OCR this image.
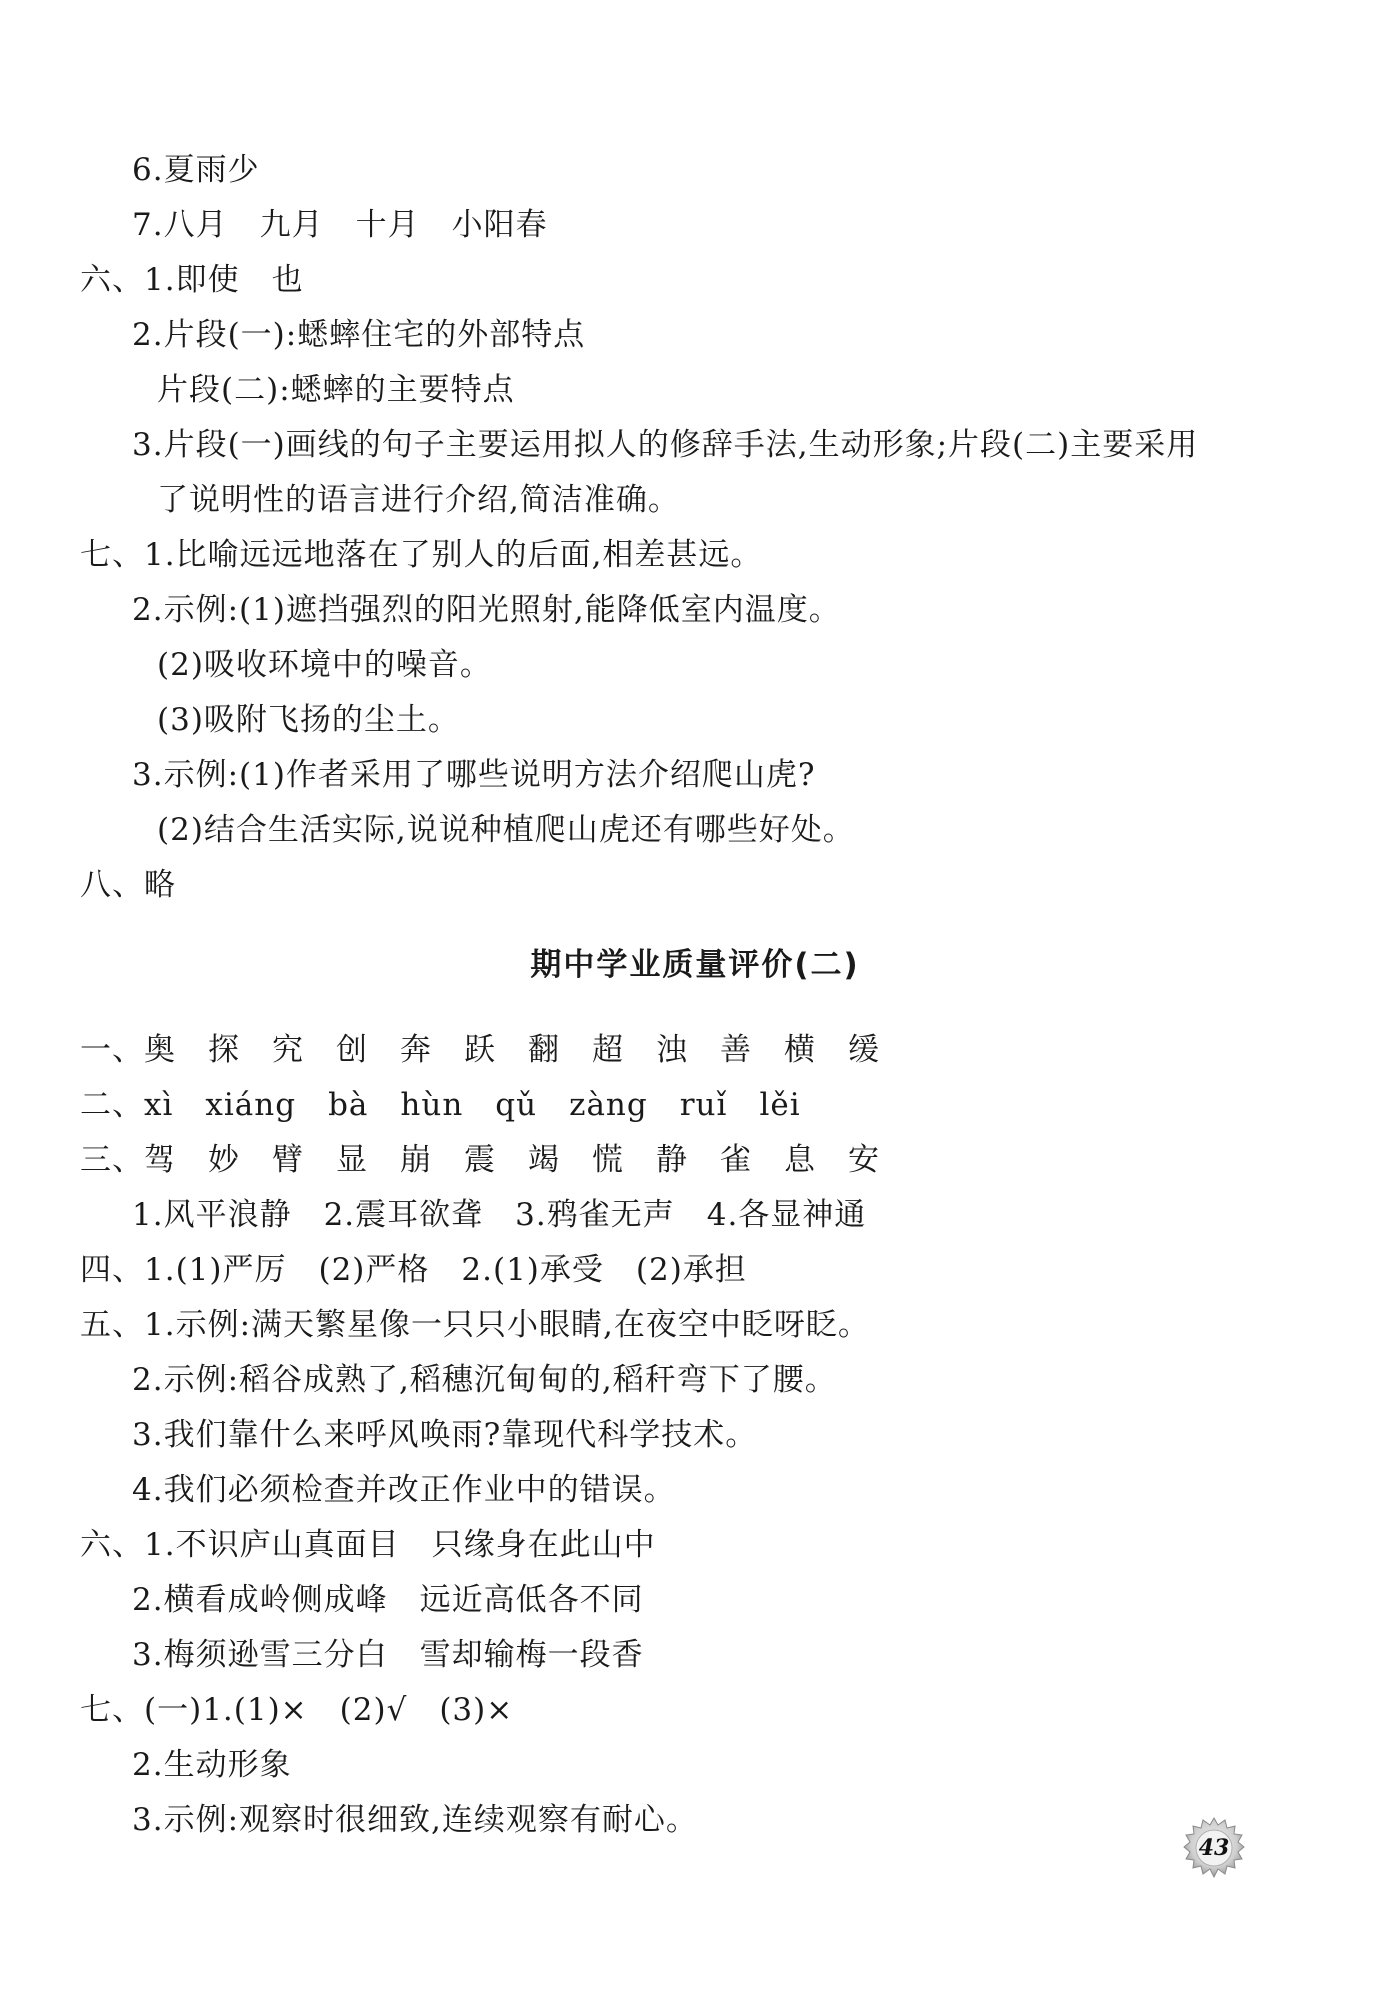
6.夏雨少
7.八月　九月　十月　小阳春
六、1.即使　也
2.片段(一):蟋蟀住宅的外部特点
片段(二):蟋蟀的主要特点
3.片段(一)画线的句子主要运用拟人的修辞手法,生动形象;片段(二)主要采用
了说明性的语言进行介绍,简洁准确。
七、1.比喻远远地落在了别人的后面,相差甚远。
2.示例:(1)遮挡强烈的阳光照射,能降低室内温度。
(2)吸收环境中的噪音。
(3)吸附飞扬的尘土。
3.示例:(1)作者采用了哪些说明方法介绍爬山虎?
(2)结合生活实际,说说种植爬山虎还有哪些好处。
八、略
期中学业质量评价(二)
一、奥　探　究　创　奔　跃　翻　超　浊　善　横　缓
二、xì　xiáng　bà　hùn　qǔ　zàng　ruǐ　lěi
三、驾　妙　臂　显　崩　震　竭　慌　静　雀　息　安
1.风平浪静　2.震耳欲聋　3.鸦雀无声　4.各显神通
四、1.(1)严厉　(2)严格　2.(1)承受　(2)承担
五、1.示例:满天繁星像一只只小眼睛,在夜空中眨呀眨。
2.示例:稻谷成熟了,稻穗沉甸甸的,稻秆弯下了腰。
3.我们靠什么来呼风唤雨?靠现代科学技术。
4.我们必须检查并改正作业中的错误。
六、1.不识庐山真面目　只缘身在此山中
2.横看成岭侧成峰　远近高低各不同
3.梅须逊雪三分白　雪却输梅一段香
七、(一)1.(1)×　(2)√　(3)×
2.生动形象
3.示例:观察时很细致,连续观察有耐心。
43
